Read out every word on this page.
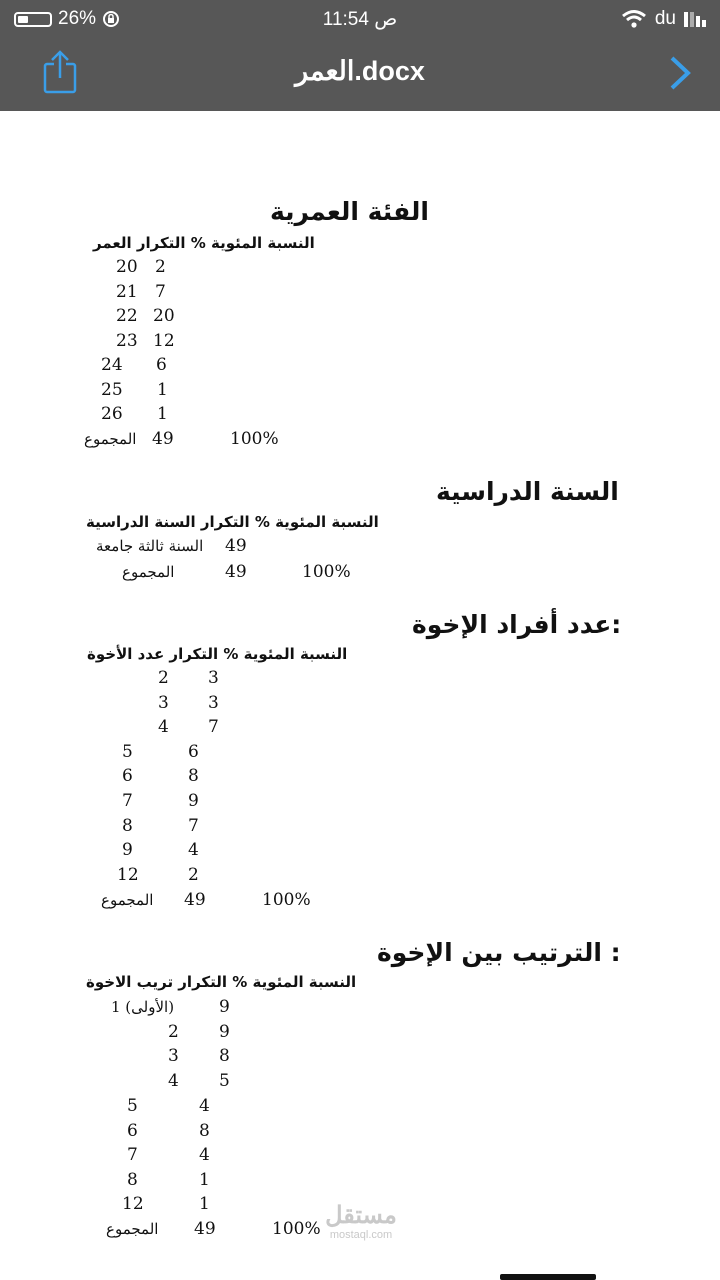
26%	11:54 ص	du
العمر.docx
الفئة العمرية
النسبة المئوية % التكرار العمر
20 2
21 7
22 20
23 12
24 6
25 1
26 1
المجموع 49	100%
السنة الدراسية
النسبة المئوية % التكرار السنة الدراسية
السنة ثالثة جامعة 49
المجموع	49	100%
عدد أفراد الإخوة:
النسبة المئوية % التكرار عدد الأخوة
2 3
3 3
4 7
5	6
6	8
7	9
8	7
9	4
12	2
المجموع 49	100%
الترتيب بين الإخوة :
النسبة المئوية % التكرار تريب الاخوة
1 (الأولى)	9
2 9
3 8
4 5
5	4
6	8
7	4
8	1
12	1
المجموع 49	100% مستقل
mostaql.com
